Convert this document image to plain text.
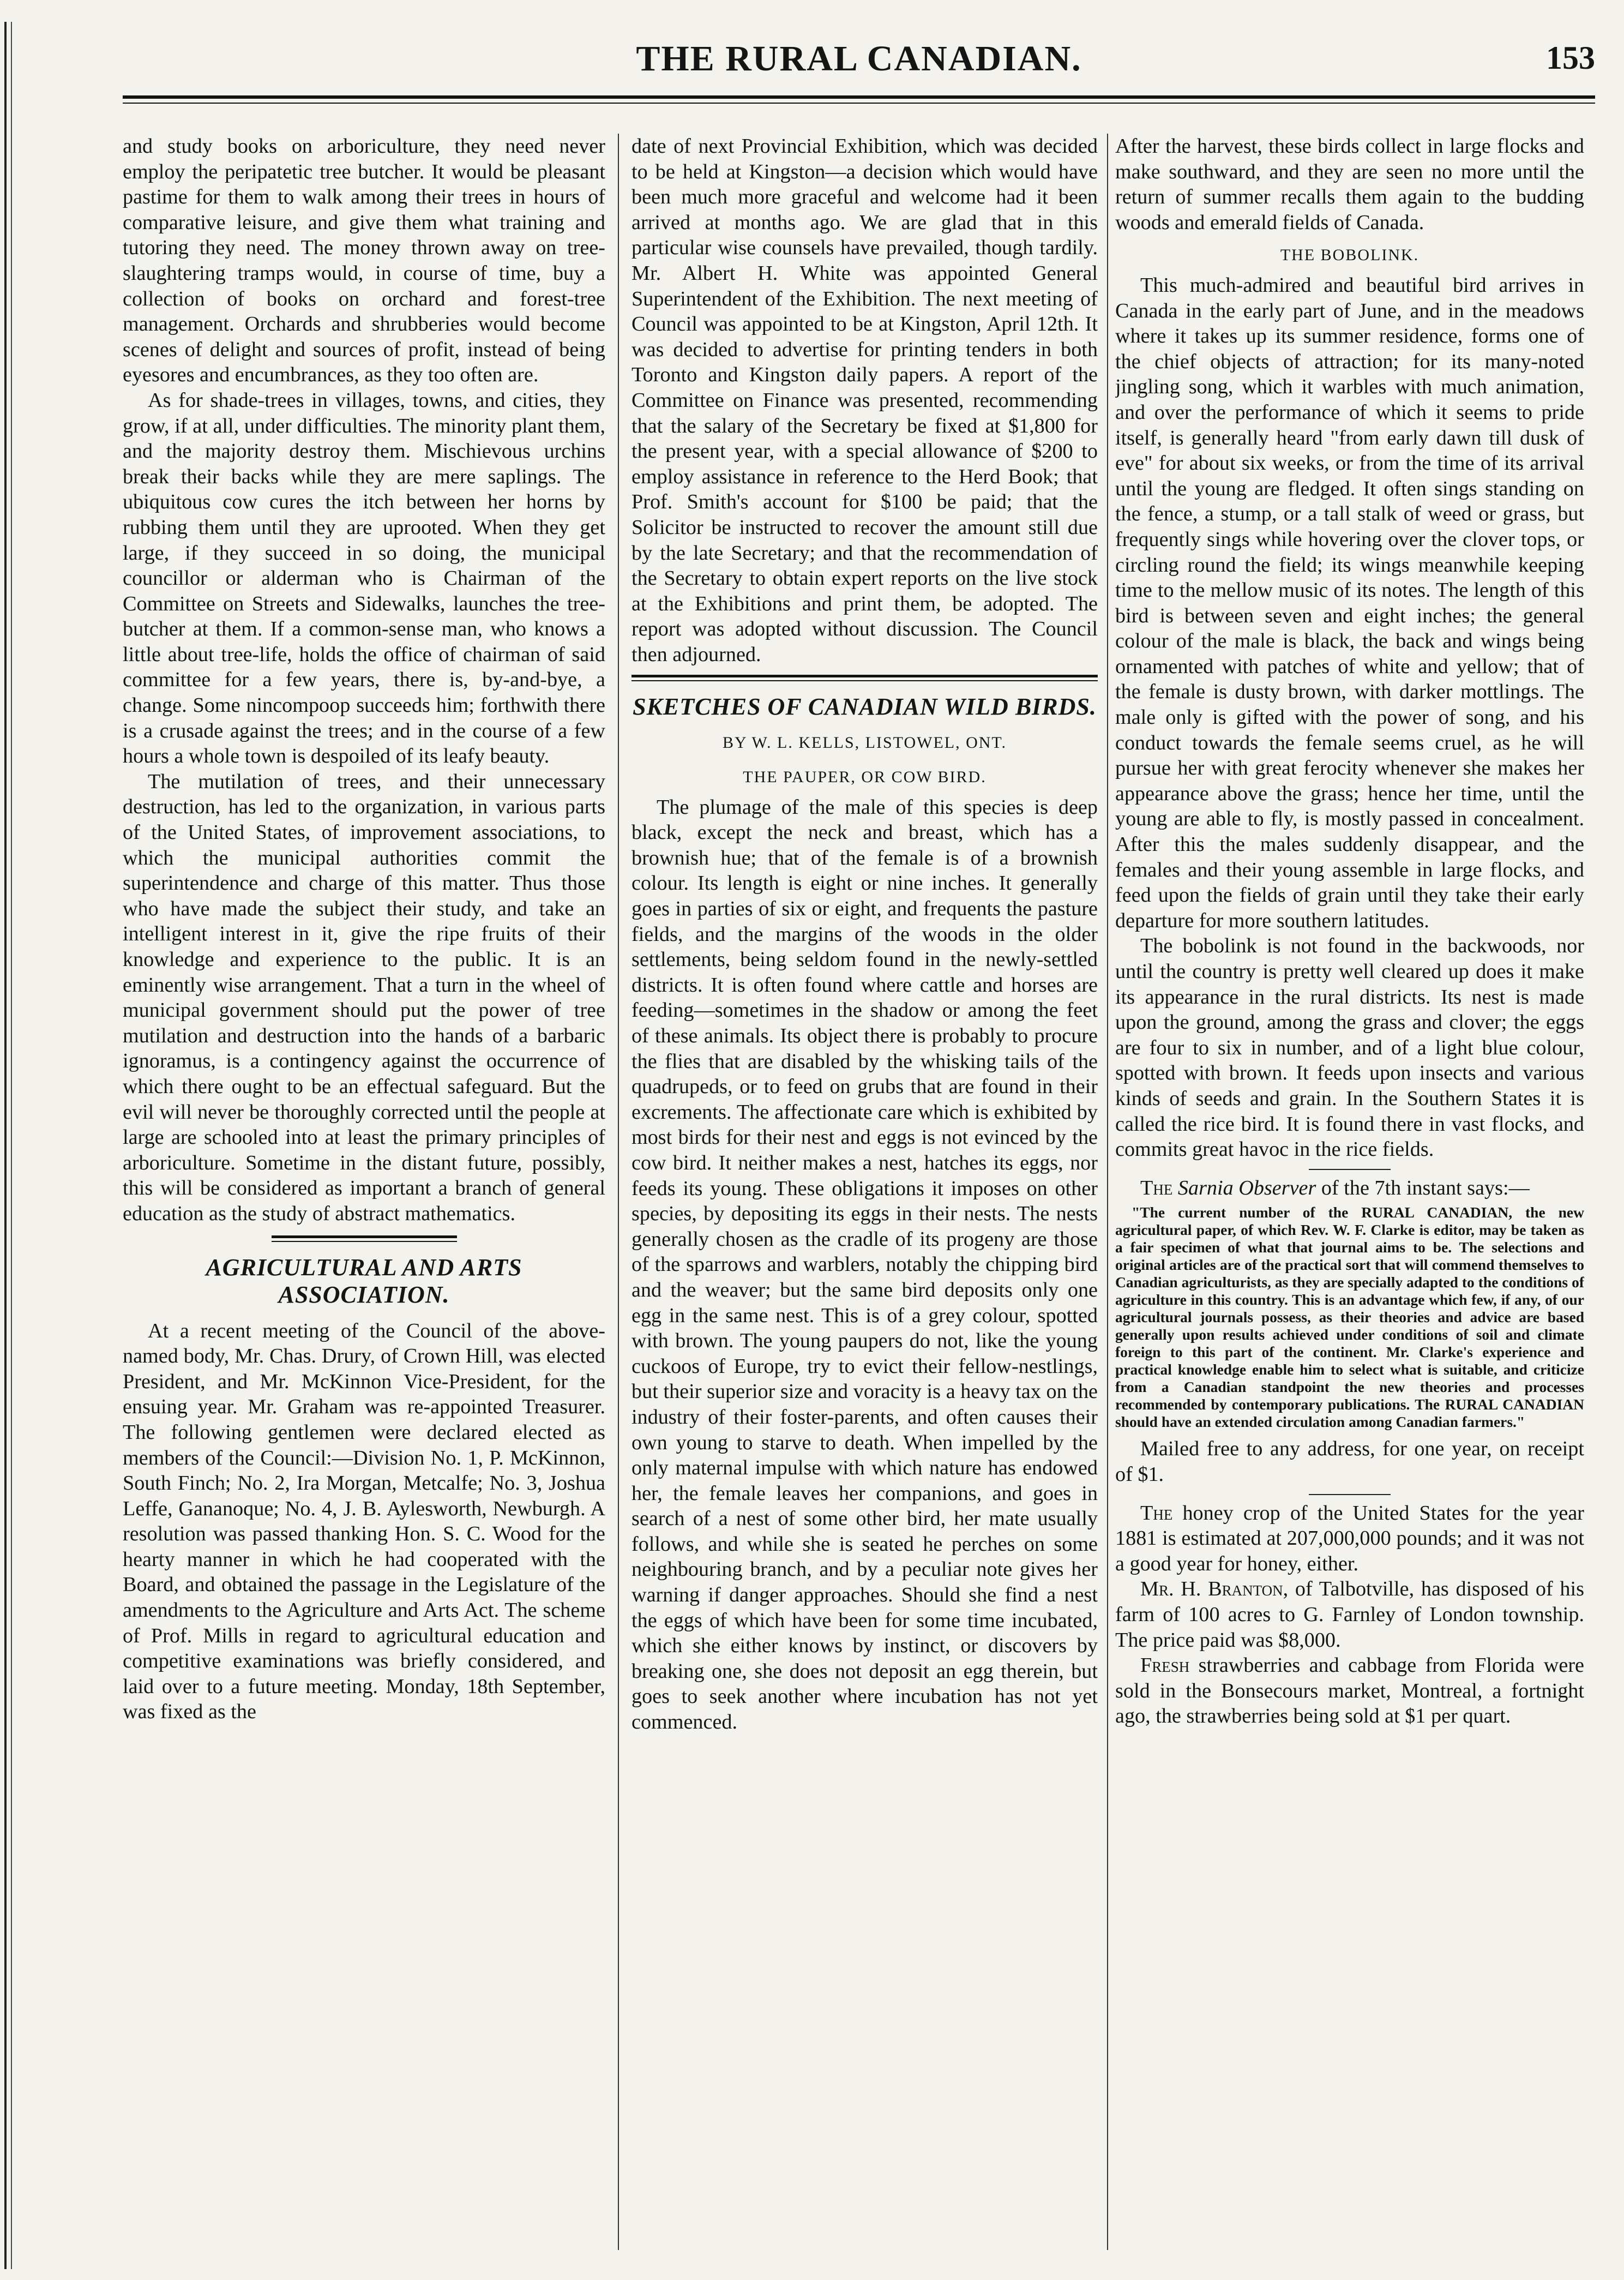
THE RURAL CANADIAN.	153

and study books on arboriculture, they need never employ the peripatetic tree butcher. It would be pleasant pastime for them to walk among their trees in hours of comparative leisure, and give them what training and tutoring they need. The money thrown away on tree-slaughtering tramps would, in course of time, buy a collection of books on orchard and forest-tree management. Orchards and shrubberies would become scenes of delight and sources of profit, instead of being eyesores and encumbrances, as they too often are.

As for shade-trees in villages, towns, and cities, they grow, if at all, under difficulties. The minority plant them, and the majority destroy them. Mischievous urchins break their backs while they are mere saplings. The ubiquitous cow cures the itch between her horns by rubbing them until they are uprooted. When they get large, if they succeed in so doing, the municipal councillor or alderman who is Chairman of the Committee on Streets and Sidewalks, launches the tree-butcher at them. If a common-sense man, who knows a little about tree-life, holds the office of chairman of said committee for a few years, there is, by-and-bye, a change. Some nincompoop succeeds him; forthwith there is a crusade against the trees; and in the course of a few hours a whole town is despoiled of its leafy beauty.

The mutilation of trees, and their unnecessary destruction, has led to the organization, in various parts of the United States, of improvement associations, to which the municipal authorities commit the superintendence and charge of this matter. Thus those who have made the subject their study, and take an intelligent interest in it, give the ripe fruits of their knowledge and experience to the public. It is an eminently wise arrangement. That a turn in the wheel of municipal government should put the power of tree mutilation and destruction into the hands of a barbaric ignoramus, is a contingency against the occurrence of which there ought to be an effectual safeguard. But the evil will never be thoroughly corrected until the people at large are schooled into at least the primary principles of arboriculture. Sometime in the distant future, possibly, this will be considered as important a branch of general education as the study of abstract mathematics.

AGRICULTURAL AND ARTS ASSOCIATION.

At a recent meeting of the Council of the above-named body, Mr. Chas. Drury, of Crown Hill, was elected President, and Mr. McKinnon Vice-President, for the ensuing year. Mr. Graham was re-appointed Treasurer. The following gentlemen were declared elected as members of the Council:—Division No. 1, P. McKinnon, South Finch; No. 2, Ira Morgan, Metcalfe; No. 3, Joshua Leffe, Gananoque; No. 4, J. B. Aylesworth, Newburgh. A resolution was passed thanking Hon. S. C. Wood for the hearty manner in which he had cooperated with the Board, and obtained the passage in the Legislature of the amendments to the Agriculture and Arts Act. The scheme of Prof. Mills in regard to agricultural education and competitive examinations was briefly considered, and laid over to a future meeting. Monday, 18th September, was fixed as the

date of next Provincial Exhibition, which was decided to be held at Kingston—a decision which would have been much more graceful and welcome had it been arrived at months ago. We are glad that in this particular wise counsels have prevailed, though tardily. Mr. Albert H. White was appointed General Superintendent of the Exhibition. The next meeting of Council was appointed to be at Kingston, April 12th. It was decided to advertise for printing tenders in both Toronto and Kingston daily papers. A report of the Committee on Finance was presented, recommending that the salary of the Secretary be fixed at $1,800 for the present year, with a special allowance of $200 to employ assistance in reference to the Herd Book; that Prof. Smith's account for $100 be paid; that the Solicitor be instructed to recover the amount still due by the late Secretary; and that the recommendation of the Secretary to obtain expert reports on the live stock at the Exhibitions and print them, be adopted. The report was adopted without discussion. The Council then adjourned.

SKETCHES OF CANADIAN WILD BIRDS.
BY W. L. KELLS, LISTOWEL, ONT.
THE PAUPER, OR COW BIRD.

The plumage of the male of this species is deep black, except the neck and breast, which has a brownish hue; that of the female is of a brownish colour. Its length is eight or nine inches. It generally goes in parties of six or eight, and frequents the pasture fields, and the margins of the woods in the older settlements, being seldom found in the newly-settled districts. It is often found where cattle and horses are feeding—sometimes in the shadow or among the feet of these animals. Its object there is probably to procure the flies that are disabled by the whisking tails of the quadrupeds, or to feed on grubs that are found in their excrements. The affectionate care which is exhibited by most birds for their nest and eggs is not evinced by the cow bird. It neither makes a nest, hatches its eggs, nor feeds its young. These obligations it imposes on other species, by depositing its eggs in their nests. The nests generally chosen as the cradle of its progeny are those of the sparrows and warblers, notably the chipping bird and the weaver; but the same bird deposits only one egg in the same nest. This is of a grey colour, spotted with brown. The young paupers do not, like the young cuckoos of Europe, try to evict their fellow-nestlings, but their superior size and voracity is a heavy tax on the industry of their foster-parents, and often causes their own young to starve to death. When impelled by the only maternal impulse with which nature has endowed her, the female leaves her companions, and goes in search of a nest of some other bird, her mate usually follows, and while she is seated he perches on some neighbouring branch, and by a peculiar note gives her warning if danger approaches. Should she find a nest the eggs of which have been for some time incubated, which she either knows by instinct, or discovers by breaking one, she does not deposit an egg therein, but goes to seek another where incubation has not yet commenced.

After the harvest, these birds collect in large flocks and make southward, and they are seen no more until the return of summer recalls them again to the budding woods and emerald fields of Canada.

THE BOBOLINK.

This much-admired and beautiful bird arrives in Canada in the early part of June, and in the meadows where it takes up its summer residence, forms one of the chief objects of attraction; for its many-noted jingling song, which it warbles with much animation, and over the performance of which it seems to pride itself, is generally heard "from early dawn till dusk of eve" for about six weeks, or from the time of its arrival until the young are fledged. It often sings standing on the fence, a stump, or a tall stalk of weed or grass, but frequently sings while hovering over the clover tops, or circling round the field; its wings meanwhile keeping time to the mellow music of its notes. The length of this bird is between seven and eight inches; the general colour of the male is black, the back and wings being ornamented with patches of white and yellow; that of the female is dusty brown, with darker mottlings. The male only is gifted with the power of song, and his conduct towards the female seems cruel, as he will pursue her with great ferocity whenever she makes her appearance above the grass; hence her time, until the young are able to fly, is mostly passed in concealment. After this the males suddenly disappear, and the females and their young assemble in large flocks, and feed upon the fields of grain until they take their early departure for more southern latitudes.

The bobolink is not found in the backwoods, nor until the country is pretty well cleared up does it make its appearance in the rural districts. Its nest is made upon the ground, among the grass and clover; the eggs are four to six in number, and of a light blue colour, spotted with brown. It feeds upon insects and various kinds of seeds and grain. In the Southern States it is called the rice bird. It is found there in vast flocks, and commits great havoc in the rice fields.

The Sarnia Observer of the 7th instant says:—

"The current number of the RURAL CANADIAN, the new agricultural paper, of which Rev. W. F. Clarke is editor, may be taken as a fair specimen of what that journal aims to be. The selections and original articles are of the practical sort that will commend themselves to Canadian agriculturists, as they are specially adapted to the conditions of agriculture in this country. This is an advantage which few, if any, of our agricultural journals possess, as their theories and advice are based generally upon results achieved under conditions of soil and climate foreign to this part of the continent. Mr. Clarke's experience and practical knowledge enable him to select what is suitable, and criticize from a Canadian standpoint the new theories and processes recommended by contemporary publications. The RURAL CANADIAN should have an extended circulation among Canadian farmers."

Mailed free to any address, for one year, on receipt of $1.

The honey crop of the United States for the year 1881 is estimated at 207,000,000 pounds; and it was not a good year for honey, either.

Mr. H. Branton, of Talbotville, has disposed of his farm of 100 acres to G. Farnley of London township. The price paid was $8,000.

Fresh strawberries and cabbage from Florida were sold in the Bonsecours market, Montreal, a fortnight ago, the strawberries being sold at $1 per quart.
